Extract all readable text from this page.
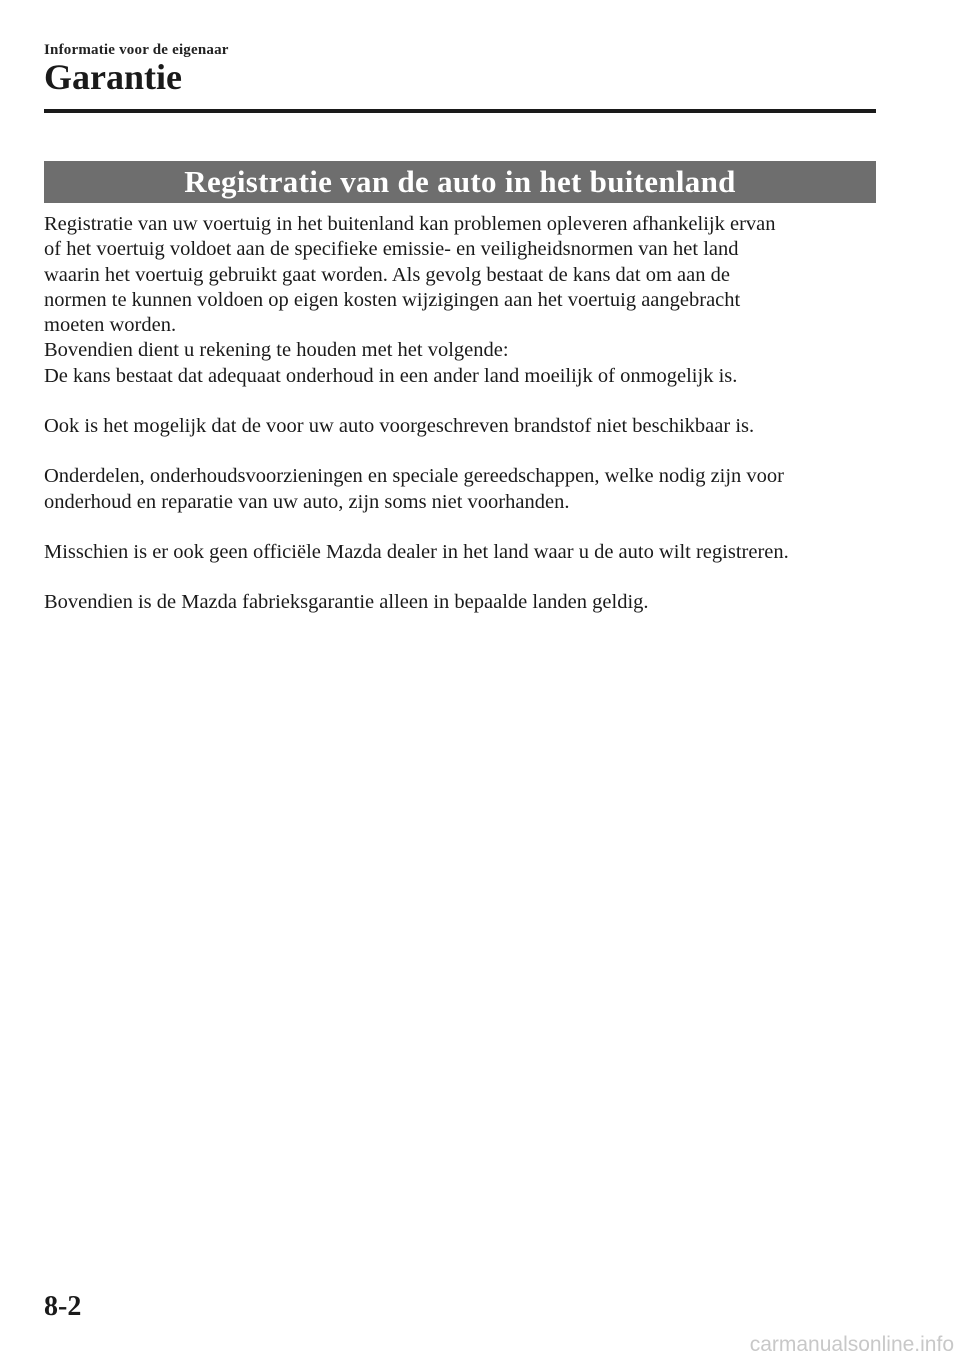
Informatie voor de eigenaar
Garantie
Registratie van de auto in het buitenland

Registratie van uw voertuig in het buitenland kan problemen opleveren afhankelijk ervan
of het voertuig voldoet aan de specifieke emissie- en veiligheidsnormen van het land
waarin het voertuig gebruikt gaat worden. Als gevolg bestaat de kans dat om aan de
normen te kunnen voldoen op eigen kosten wijzigingen aan het voertuig aangebracht
moeten worden.

Bovendien dient u rekening te houden met het volgende:

De kans bestaat dat adequaat onderhoud in een ander land moeilijk of onmogelijk is.

Ook is het mogelijk dat de voor uw auto voorgeschreven brandstof niet beschikbaar is.

Onderdelen, onderhoudsvoorzieningen en speciale gereedschappen, welke nodig zijn voor
onderhoud en reparatie van uw auto, zijn soms niet voorhanden.

Misschien is er ook geen officiële Mazda dealer in het land waar u de auto wilt registreren.

Bovendien is de Mazda fabrieksgarantie alleen in bepaalde landen geldig.

8-2
carmanualsonline.info
